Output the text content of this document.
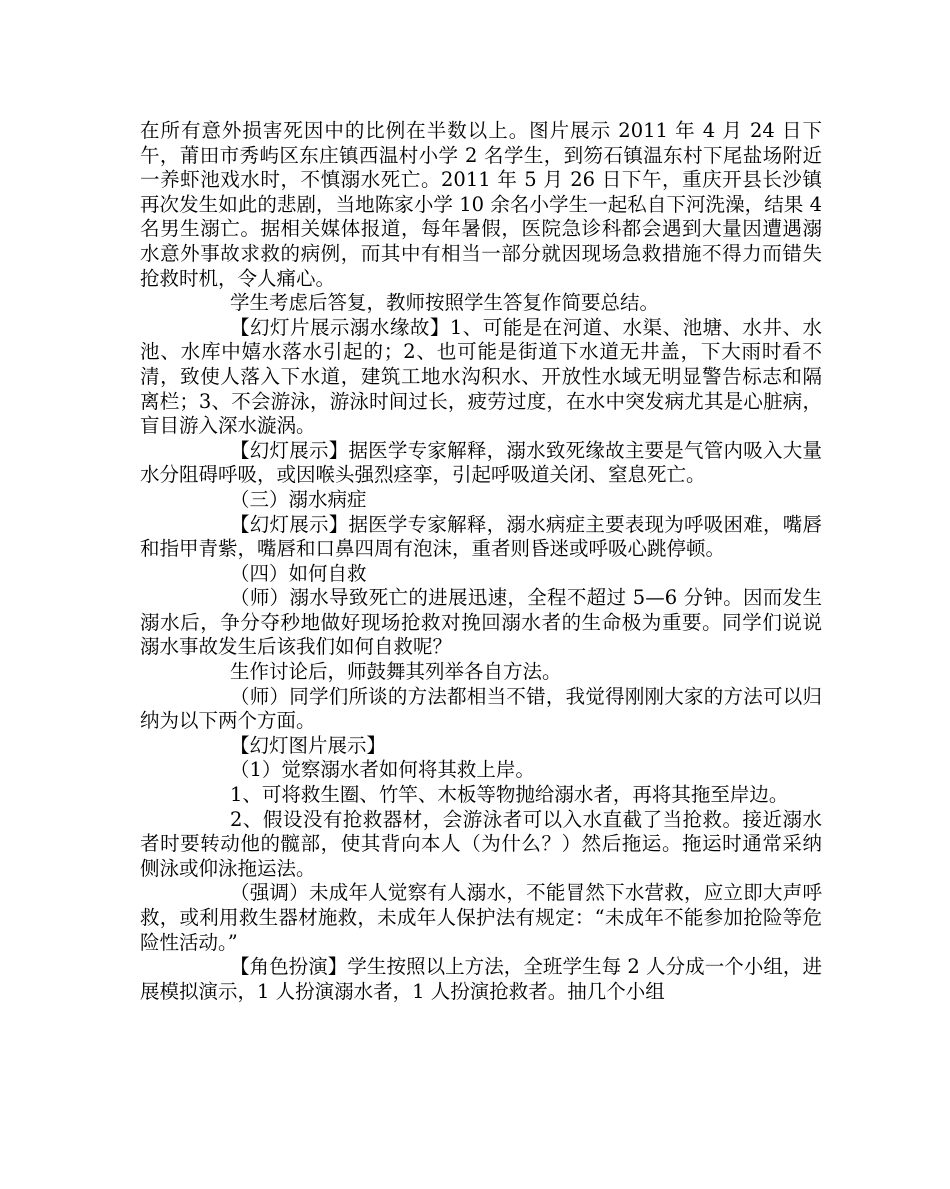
在所有意外损害死因中的比例在半数以上。图片展示 2011 年 4 月 24 日下午，莆田市秀屿区东庄镇西温村小学 2 名学生，到笏石镇温东村下尾盐场附近一养虾池戏水时，不慎溺水死亡。2011 年 5 月 26 日下午，重庆开县长沙镇再次发生如此的悲剧，当地陈家小学 10 余名小学生一起私自下河洗澡，结果 4 名男生溺亡。据相关媒体报道，每年暑假，医院急诊科都会遇到大量因遭遇溺水意外事故求救的病例，而其中有相当一部分就因现场急救措施不得力而错失抢救时机，令人痛心。

学生考虑后答复，教师按照学生答复作简要总结。

【幻灯片展示溺水缘故】1、可能是在河道、水渠、池塘、水井、水池、水库中嬉水落水引起的；2、也可能是街道下水道无井盖，下大雨时看不清，致使人落入下水道，建筑工地水沟积水、开放性水域无明显警告标志和隔离栏；3、不会游泳，游泳时间过长，疲劳过度，在水中突发病尤其是心脏病，盲目游入深水漩涡。

【幻灯展示】据医学专家解释，溺水致死缘故主要是气管内吸入大量水分阻碍呼吸，或因喉头强烈痉挛，引起呼吸道关闭、窒息死亡。

（三）溺水病症

【幻灯展示】据医学专家解释，溺水病症主要表现为呼吸困难，嘴唇和指甲青紫，嘴唇和口鼻四周有泡沫，重者则昏迷或呼吸心跳停顿。

（四）如何自救

（师）溺水导致死亡的进展迅速，全程不超过 5—6 分钟。因而发生溺水后，争分夺秒地做好现场抢救对挽回溺水者的生命极为重要。同学们说说溺水事故发生后该我们如何自救呢？

生作讨论后，师鼓舞其列举各自方法。

（师）同学们所谈的方法都相当不错，我觉得刚刚大家的方法可以归纳为以下两个方面。

【幻灯图片展示】

（1）觉察溺水者如何将其救上岸。

1、可将救生圈、竹竿、木板等物抛给溺水者，再将其拖至岸边。

2、假设没有抢救器材，会游泳者可以入水直截了当抢救。接近溺水者时要转动他的髋部，使其背向本人（为什么？）然后拖运。拖运时通常采纳侧泳或仰泳拖运法。

（强调）未成年人觉察有人溺水，不能冒然下水营救，应立即大声呼救，或利用救生器材施救，未成年人保护法有规定：“未成年不能参加抢险等危险性活动。”

【角色扮演】学生按照以上方法，全班学生每 2 人分成一个小组，进展模拟演示，1 人扮演溺水者，1 人扮演抢救者。抽几个小组
